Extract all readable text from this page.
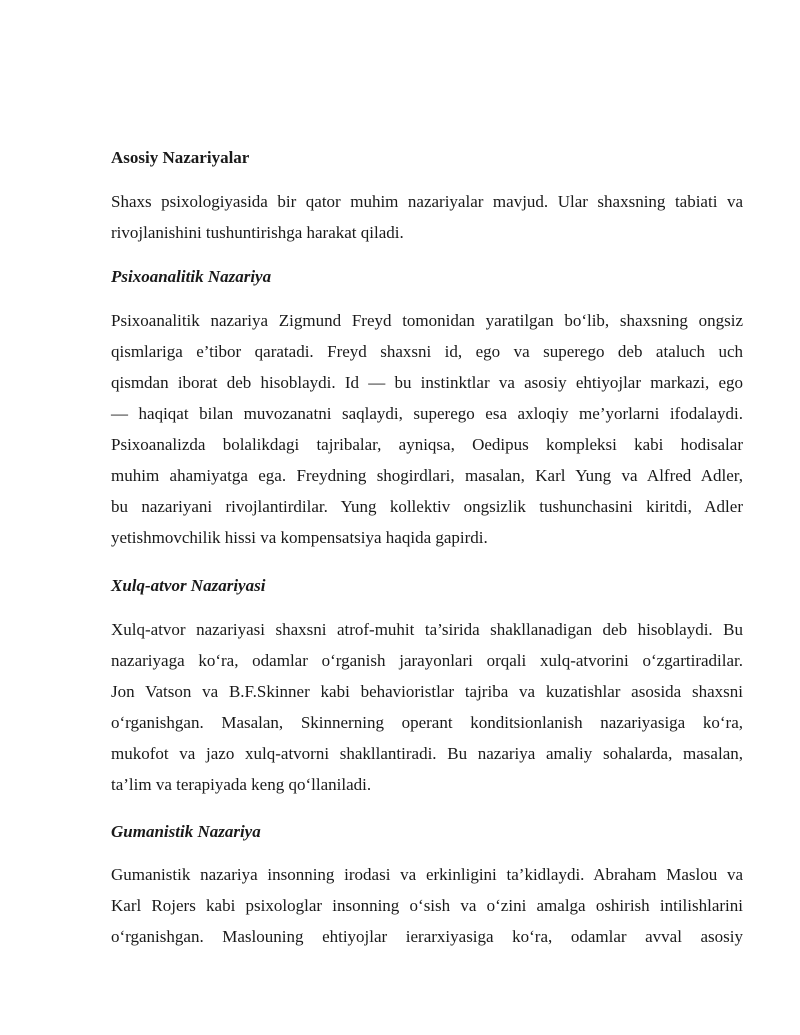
Asosiy Nazariyalar
Shaxs psixologiyasida bir qator muhim nazariyalar mavjud. Ular shaxsning tabiati va
rivojlanishini tushuntirishga harakat qiladi.
Psixoanalitik Nazariya
Psixoanalitik nazariya Zigmund Freyd tomonidan yaratilgan bo‘lib, shaxsning ongsiz
qismlariga e’tibor qaratadi. Freyd shaxsni id, ego va superego deb ataluch uch
qismdan iborat deb hisoblaydi. Id — bu instinktlar va asosiy ehtiyojlar markazi, ego
— haqiqat bilan muvozanatni saqlaydi, superego esa axloqiy me’yorlarni ifodalaydi.
Psixoanalizda bolalikdagi tajribalar, ayniqsa, Oedipus kompleksi kabi hodisalar
muhim ahamiyatga ega. Freydning shogirdlari, masalan, Karl Yung va Alfred Adler,
bu nazariyani rivojlantirdilar. Yung kollektiv ongsizlik tushunchasini kiritdi, Adler
yetishmovchilik hissi va kompensatsiya haqida gapirdi.
Xulq-atvor Nazariyasi
Xulq-atvor nazariyasi shaxsni atrof-muhit ta’sirida shakllanadigan deb hisoblaydi. Bu
nazariyaga ko‘ra, odamlar o‘rganish jarayonlari orqali xulq-atvorini o‘zgartiradilar.
Jon Vatson va B.F.Skinner kabi behavioristlar tajriba va kuzatishlar asosida shaxsni
o‘rganishgan. Masalan, Skinnerning operant konditsionlanish nazariyasiga ko‘ra,
mukofot va jazo xulq-atvorni shakllantiradi. Bu nazariya amaliy sohalarda, masalan,
ta’lim va terapiyada keng qo‘llaniladi.
Gumanistik Nazariya
Gumanistik nazariya insonning irodasi va erkinligini ta’kidlaydi. Abraham Maslou va
Karl Rojers kabi psixologlar insonning o‘sish va o‘zini amalga oshirish intilishlarini
o‘rganishgan. Maslouning ehtiyojlar ierarxiyasiga ko‘ra, odamlar avval asosiy
